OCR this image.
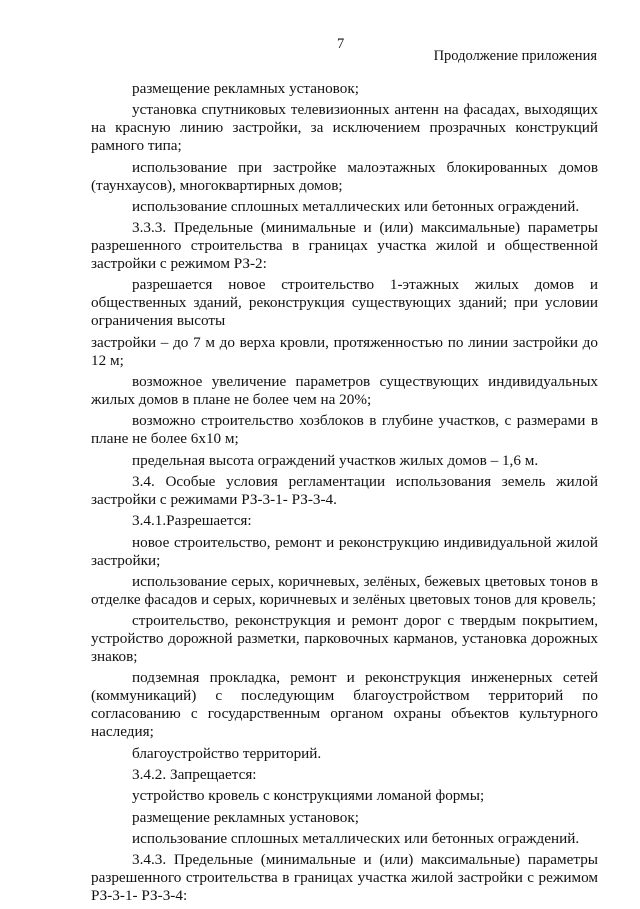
7
Продолжение приложения

размещение рекламных установок;

установка спутниковых телевизионных антенн на фасадах, выходящих на красную линию застройки, за исключением прозрачных конструкций рамного типа;

использование при застройке малоэтажных блокированных домов (таунхаусов), многоквартирных домов;

использование сплошных металлических или бетонных ограждений.

3.3.3. Предельные (минимальные и (или) максимальные) параметры разрешенного строительства в границах участка жилой и общественной застройки с режимом РЗ-2:

разрешается новое строительство 1-этажных жилых домов и общественных зданий, реконструкция существующих зданий; при условии ограничения высоты

застройки – до 7 м до верха кровли, протяженностью по линии застройки до 12 м;

возможное увеличение параметров существующих индивидуальных жилых домов в плане не более чем на 20%;

возможно строительство хозблоков в глубине участков, с размерами в плане не более 6х10 м;

предельная высота ограждений участков жилых домов – 1,6 м.

3.4. Особые условия регламентации использования земель жилой застройки с режимами РЗ-3-1- РЗ-3-4.

3.4.1.Разрешается:

новое строительство, ремонт и реконструкцию индивидуальной жилой застройки;

использование серых, коричневых, зелёных, бежевых цветовых тонов в отделке фасадов и серых, коричневых и зелёных цветовых тонов для кровель;

строительство, реконструкция и ремонт дорог с твердым покрытием, устройство дорожной разметки, парковочных карманов, установка дорожных знаков;

подземная прокладка, ремонт и реконструкция инженерных сетей (коммуникаций) с последующим благоустройством территорий по согласованию с государственным органом охраны объектов культурного наследия;

благоустройство территорий.

3.4.2. Запрещается:

устройство кровель с конструкциями ломаной формы;

размещение рекламных установок;

использование сплошных металлических или бетонных ограждений.

3.4.3. Предельные (минимальные и (или) максимальные) параметры разрешенного строительства в границах участка жилой застройки с режимом РЗ-3-1- РЗ-3-4:
